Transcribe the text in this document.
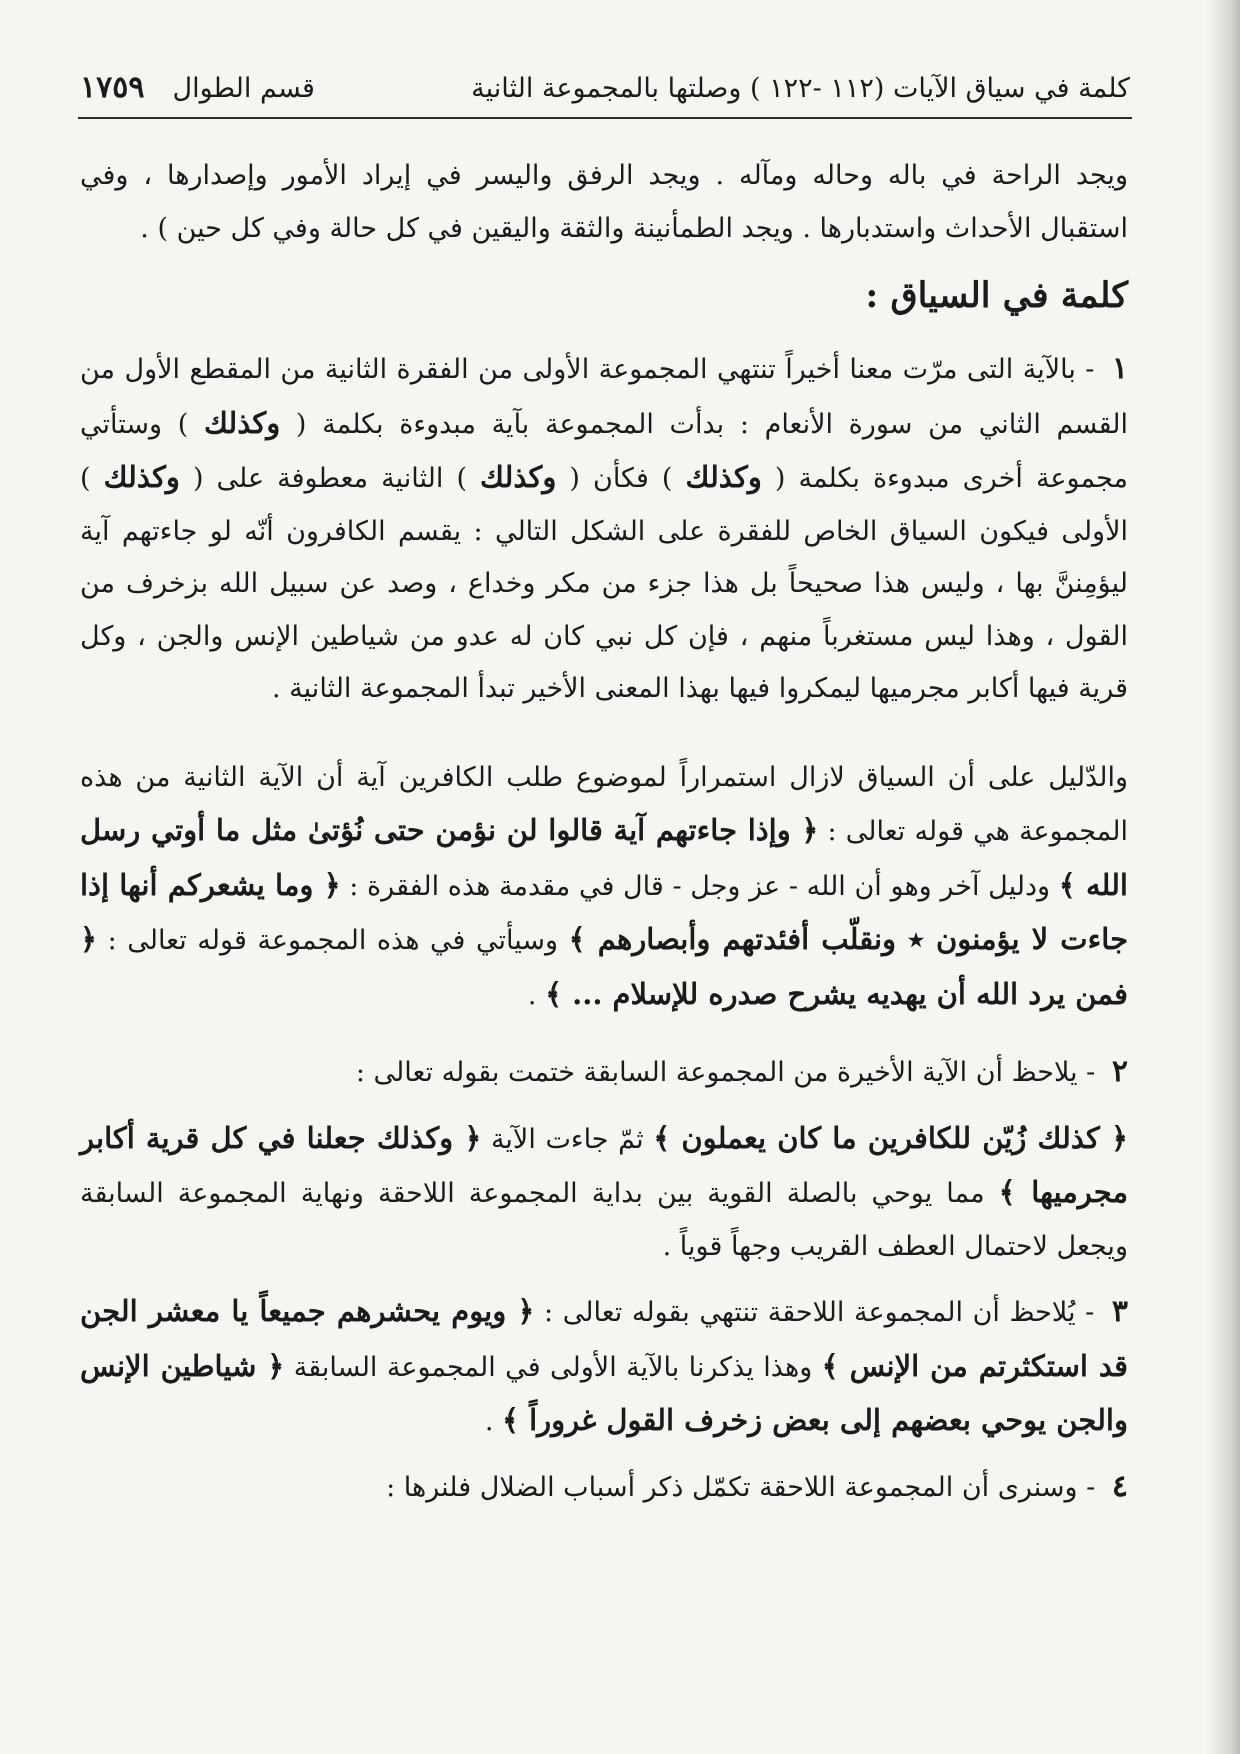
كلمة في سياق الآيات (١١٢ -١٢٢ ) وصلتها بالمجموعة الثانية
قسم الطوال
١٧٥٩

ويجد الراحة في باله وحاله ومآله . ويجد الرفق واليسر في إيراد الأمور وإصدارها ، وفي استقبال الأحداث واستدبارها . ويجد الطمأنينة والثقة واليقين في كل حالة وفي كل حين ) .

كلمة في السياق :

١ - بالآية التى مرّت معنا أخيراً تنتهي المجموعة الأولى من الفقرة الثانية من المقطع الأول من القسم الثاني من سورة الأنعام : بدأت المجموعة بآية مبدوءة بكلمة ( وكذلك ) وستأتي مجموعة أخرى مبدوءة بكلمة ( وكذلك ) فكأن ( وكذلك ) الثانية معطوفة على ( وكذلك ) الأولى فيكون السياق الخاص للفقرة على الشكل التالي : يقسم الكافرون أنّه لو جاءتهم آية ليؤمِننَّ بها ، وليس هذا صحيحاً بل هذا جزء من مكر وخداع ، وصد عن سبيل الله بزخرف من القول ، وهذا ليس مستغرباً منهم ، فإن كل نبي كان له عدو من شياطين الإنس والجن ، وكل قرية فيها أكابر مجرميها ليمكروا فيها بهذا المعنى الأخير تبدأ المجموعة الثانية .

والدّليل على أن السياق لازال استمراراً لموضوع طلب الكافرين آية أن الآية الثانية من هذه المجموعة هي قوله تعالى : ﴿ وإذا جاءتهم آية قالوا لن نؤمن حتى نُؤتىٰ مثل ما أوتي رسل الله ﴾ ودليل آخر وهو أن الله - عز وجل - قال في مقدمة هذه الفقرة : ﴿ وما يشعركم أنها إذا جاءت لا يؤمنون ٭ ونقلّب أفئدتهم وأبصارهم ﴾ وسيأتي في هذه المجموعة قوله تعالى : ﴿ فمن يرد الله أن يهديه يشرح صدره للإسلام ... ﴾ .

٢ - يلاحظ أن الآية الأخيرة من المجموعة السابقة ختمت بقوله تعالى :

﴿ كذلك زُيّن للكافرين ما كان يعملون ﴾ ثمّ جاءت الآية ﴿ وكذلك جعلنا في كل قرية أكابر مجرميها ﴾ مما يوحي بالصلة القوية بين بداية المجموعة اللاحقة ونهاية المجموعة السابقة ويجعل لاحتمال العطف القريب وجهاً قوياً .

٣ - يُلاحظ أن المجموعة اللاحقة تنتهي بقوله تعالى : ﴿ ويوم يحشرهم جميعاً يا معشر الجن قد استكثرتم من الإنس ﴾ وهذا يذكرنا بالآية الأولى في المجموعة السابقة ﴿ شياطين الإنس والجن يوحي بعضهم إلى بعض زخرف القول غروراً ﴾ .

٤ - وسنرى أن المجموعة اللاحقة تكمّل ذكر أسباب الضلال فلنرها :
